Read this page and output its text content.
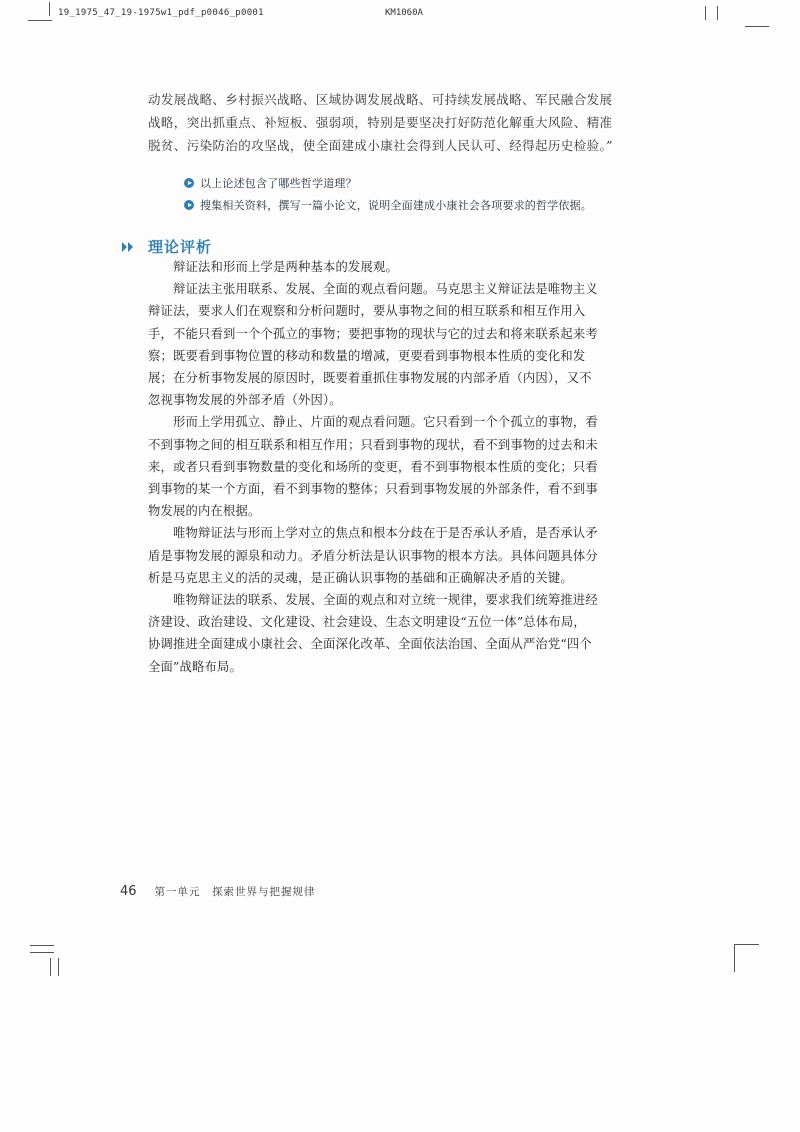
19_1975_47_19-1975w1_pdf_p0046_p0001	KM1060A
动发展战略、乡村振兴战略、区域协调发展战略、可持续发展战略、军民融合发展
战略，突出抓重点、补短板、强弱项，特别是要坚决打好防范化解重大风险、精准
脱贫、污染防治的攻坚战，使全面建成小康社会得到人民认可、经得起历史检验。”
以上论述包含了哪些哲学道理？
搜集相关资料，撰写一篇小论文，说明全面建成小康社会各项要求的哲学依据。
理论评析
辩证法和形而上学是两种基本的发展观。
辩证法主张用联系、发展、全面的观点看问题。马克思主义辩证法是唯物主义
辩证法，要求人们在观察和分析问题时，要从事物之间的相互联系和相互作用入
手，不能只看到一个个孤立的事物；要把事物的现状与它的过去和将来联系起来考
察；既要看到事物位置的移动和数量的增减，更要看到事物根本性质的变化和发
展；在分析事物发展的原因时，既要着重抓住事物发展的内部矛盾（内因），又不
忽视事物发展的外部矛盾（外因）。
形而上学用孤立、静止、片面的观点看问题。它只看到一个个孤立的事物，看
不到事物之间的相互联系和相互作用；只看到事物的现状，看不到事物的过去和未
来，或者只看到事物数量的变化和场所的变更，看不到事物根本性质的变化；只看
到事物的某一个方面，看不到事物的整体；只看到事物发展的外部条件，看不到事
物发展的内在根据。
唯物辩证法与形而上学对立的焦点和根本分歧在于是否承认矛盾，是否承认矛
盾是事物发展的源泉和动力。矛盾分析法是认识事物的根本方法。具体问题具体分
析是马克思主义的活的灵魂，是正确认识事物的基础和正确解决矛盾的关键。
唯物辩证法的联系、发展、全面的观点和对立统一规律，要求我们统筹推进经
济建设、政治建设、文化建设、社会建设、生态文明建设“五位一体”总体布局，
协调推进全面建成小康社会、全面深化改革、全面依法治国、全面从严治党“四个
全面”战略布局。
46 第一单元　探索世界与把握规律
